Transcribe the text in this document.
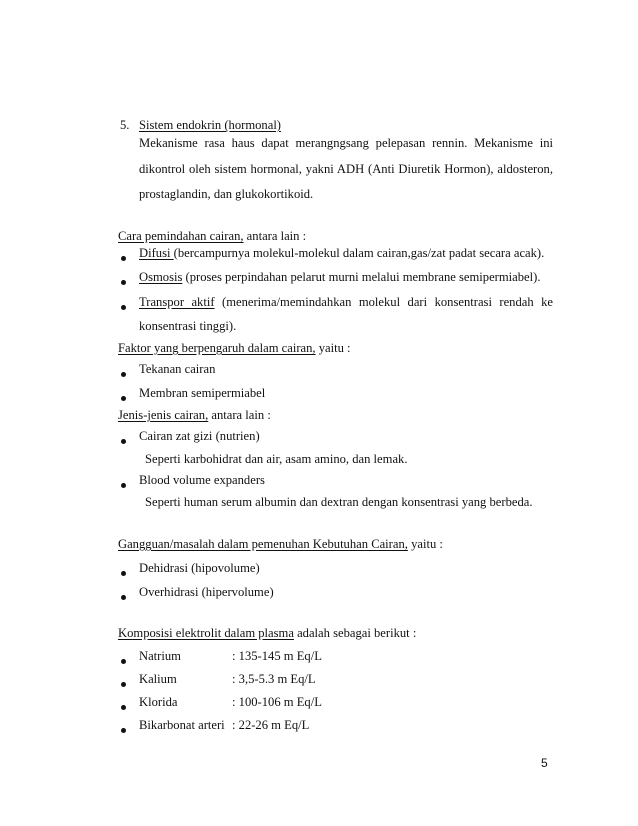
5. Sistem endokrin (hormonal)
Mekanisme rasa haus dapat merangngsang pelepasan rennin. Mekanisme ini
dikontrol oleh sistem hormonal, yakni ADH (Anti Diuretik Hormon), aldosteron,
prostaglandin, dan glukokortikoid.
Cara pemindahan cairan, antara lain :
Difusi (bercampurnya molekul-molekul dalam cairan,gas/zat padat secara acak).
Osmosis (proses perpindahan pelarut murni melalui membrane semipermiabel).
Transpor aktif (menerima/memindahkan molekul dari konsentrasi rendah ke
konsentrasi tinggi).
Faktor yang berpengaruh dalam cairan, yaitu :
Tekanan cairan
Membran semipermiabel
Jenis-jenis cairan, antara lain :
Cairan zat gizi (nutrien)
Seperti karbohidrat dan air, asam amino, dan lemak.
Blood volume expanders
Seperti human serum albumin dan dextran dengan konsentrasi yang berbeda.
Gangguan/masalah dalam pemenuhan Kebutuhan Cairan, yaitu :
Dehidrasi (hipovolume)
Overhidrasi (hipervolume)
Komposisi elektrolit dalam plasma adalah sebagai berikut :
Natrium	: 135-145 m Eq/L
Kalium	: 3,5-5.3 m Eq/L
Klorida	: 100-106 m Eq/L
Bikarbonat arteri : 22-26 m Eq/L
5
